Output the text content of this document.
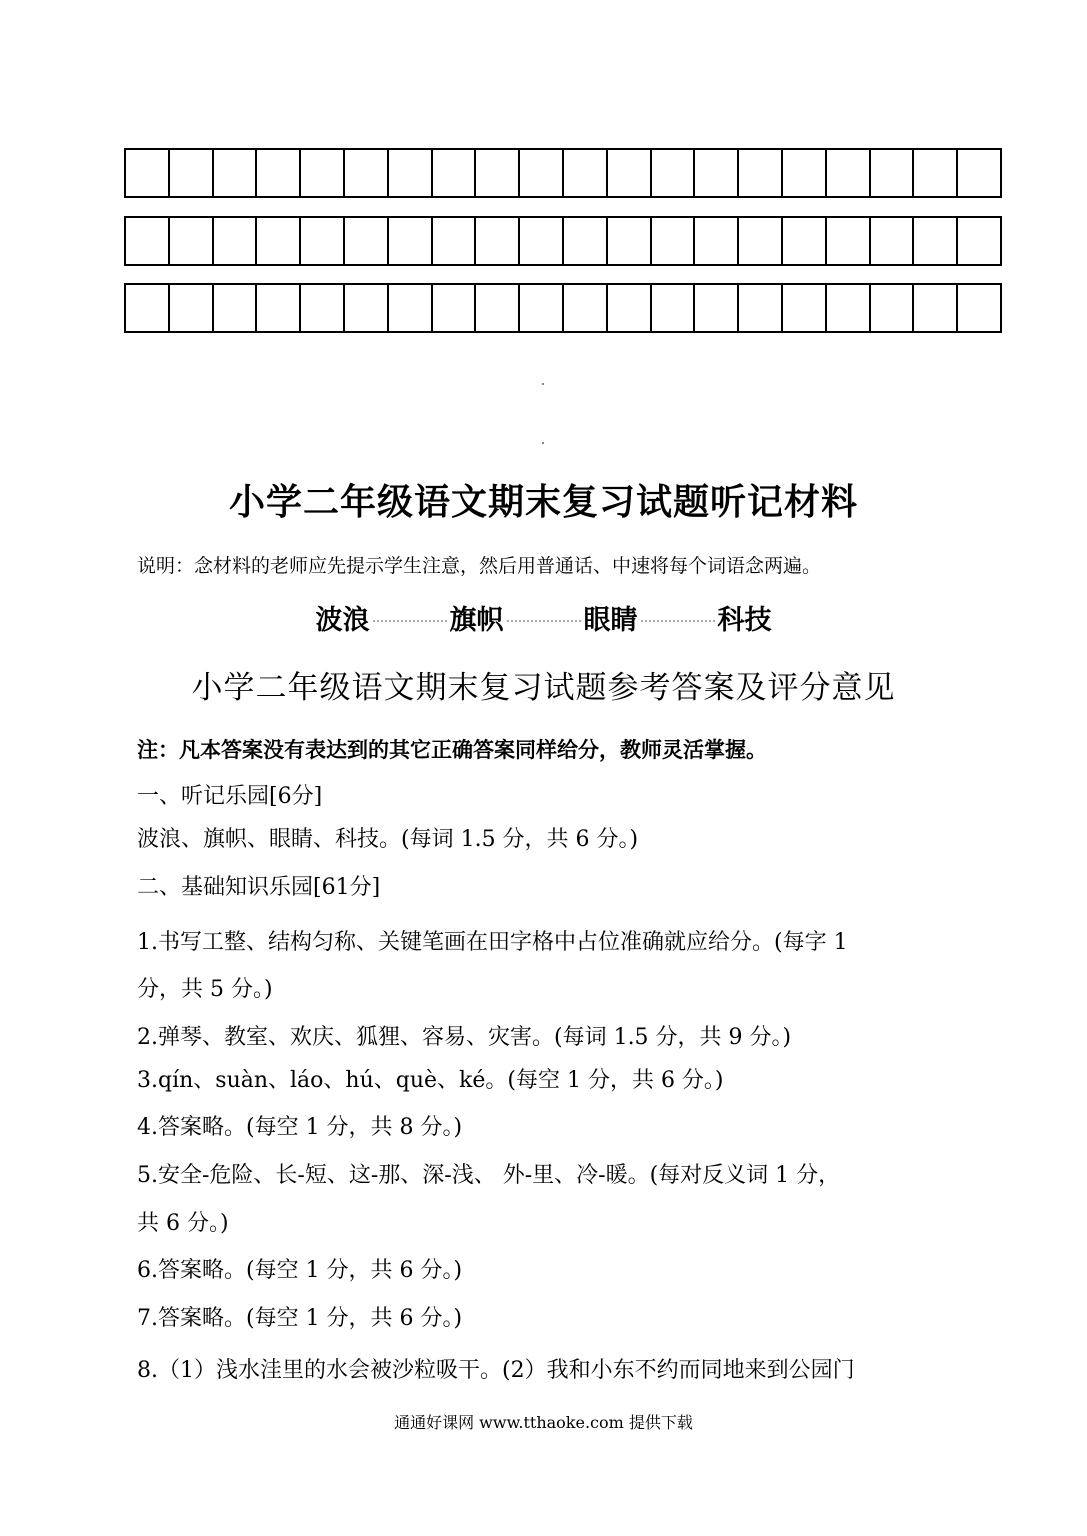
小学二年级语文期末复习试题听记材料
说明：念材料的老师应先提示学生注意，然后用普通话、中速将每个词语念两遍。
波浪	旗帜	眼睛	科技
小学二年级语文期末复习试题参考答案及评分意见
注：凡本答案没有表达到的其它正确答案同样给分，教师灵活掌握。
一、听记乐园[6分]
波浪、旗帜、眼睛、科技。(每词 1.5 分，共 6 分。)
二、基础知识乐园[61分]
1.书写工整、结构匀称、关键笔画在田字格中占位准确就应给分。(每字 1
分，共 5 分。)
2.弹琴、教室、欢庆、狐狸、容易、灾害。(每词 1.5 分，共 9 分。)
3.qín、suàn、láo、hú、què、ké。(每空 1 分，共 6 分。)
4.答案略。(每空 1 分，共 8 分。)
5.安全-危险、长-短、这-那、深-浅、 外-里、冷-暖。(每对反义词 1 分，
共 6 分。)
6.答案略。(每空 1 分，共 6 分。)
7.答案略。(每空 1 分，共 6 分。)
8.（1）浅水洼里的水会被沙粒吸干。(2）我和小东不约而同地来到公园门
通通好课网 www.tthaoke.com 提供下载
